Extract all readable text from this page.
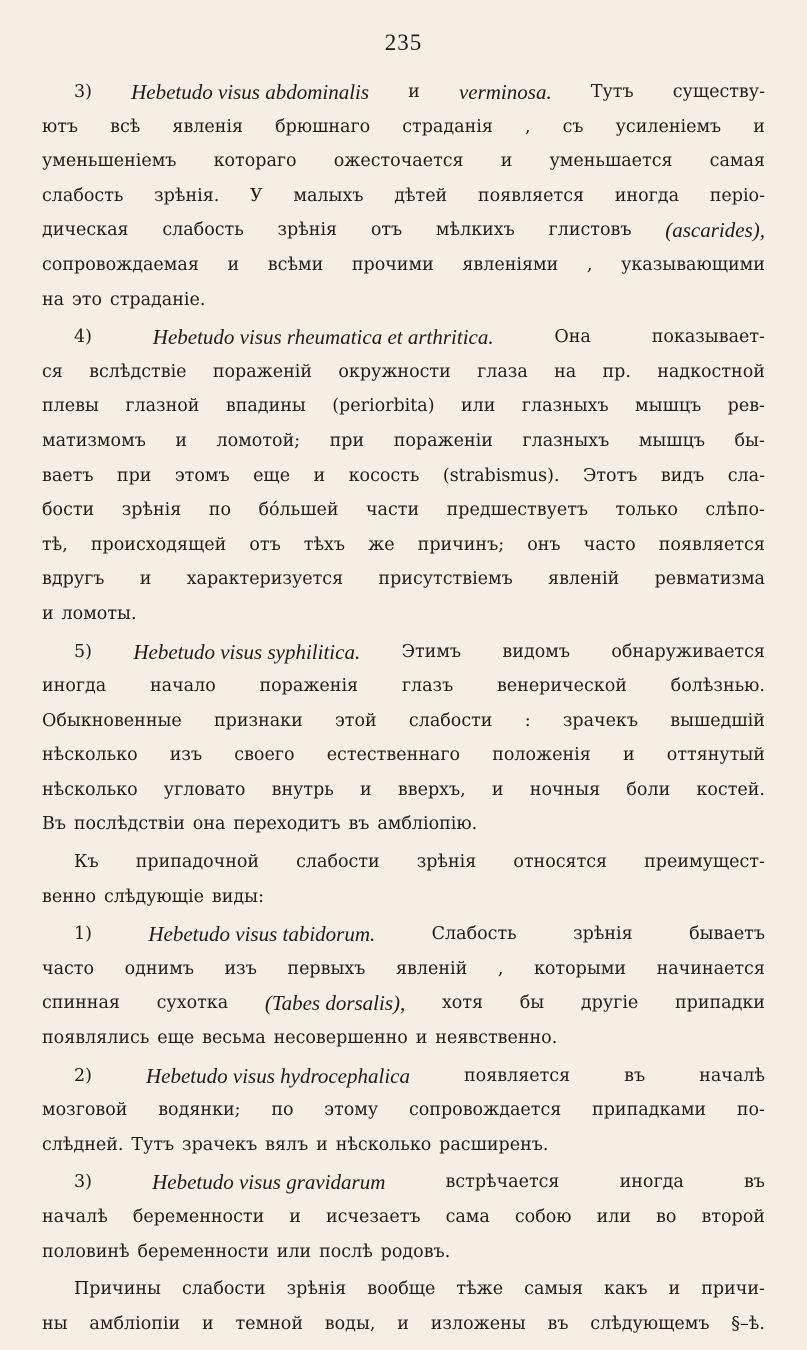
235
3) Hebetudo visus abdominalis и verminosa. Тутъ существу-
ютъ всѣ явленія брюшнаго страданія , съ усиленіемъ и
уменьшеніемъ котораго ожесточается и уменьшается самая
слабость зрѣнія. У малыхъ дѣтей появляется иногда періо-
дическая слабость зрѣнія отъ мѣлкихъ глистовъ (ascarides),
сопровождаемая и всѣми прочими явленіями , указывающими
на это страданіе.
4)	Hebetudo visus rheumatica et arthritica.	Она	показывает-
ся вслѣдствіе пораженій окружности глаза на пр. надкостной
плевы глазной впадины (periorbita) или глазныхъ мышцъ рев-
матизмомъ и ломотой; при пораженіи глазныхъ мышцъ бы-
ваетъ при этомъ еще и косость (strabismus). Этотъ видъ сла-
бости зрѣнія по бо́льшей части предшествуетъ только слѣпо-
тѣ, происходящей отъ тѣхъ же причинъ; онъ часто появляется
вдругъ и характеризуется присутствіемъ явленій ревматизма
и ломоты.
5) Hebetudo visus syphilitica. Этимъ видомъ обнаруживается
иногда начало пораженія глазъ венерической болѣзнью.
Обыкновенные признаки этой слабости : зрачекъ вышедшій
нѣсколько изъ своего естественнаго положенія и оттянутый
нѣсколько угловато внутрь и вверхъ, и ночныя боли костей.
Въ послѣдствіи она переходитъ въ амбліопію.
Къ припадочной слабости зрѣнія относятся преимущест-
венно слѣдующіе виды:
1)	Hebetudo visus tabidorum.	Слабость	зрѣнія	бываетъ
часто однимъ изъ первыхъ явленій , которыми начинается
спинная сухотка (Tabes dorsalis), хотя бы другіе припадки
появлялись еще весьма несовершенно и неявственно.
2)	Hebetudo visus hydrocephalica	появляется	въ	началѣ
мозговой водянки; по этому сопровождается припадками по-
слѣдней. Тутъ зрачекъ вялъ и нѣсколько расширенъ.
3)	Hebetudo visus gravidarum	встрѣчается	иногда	въ
началѣ беременности и исчезаетъ сама собою или во второй
половинѣ беременности или послѣ родовъ.
Причины слабости зрѣнія вообще тѣже самыя какъ и причи-
ны амбліопіи и темной воды, и изложены въ слѣдующемъ §–ѣ.
